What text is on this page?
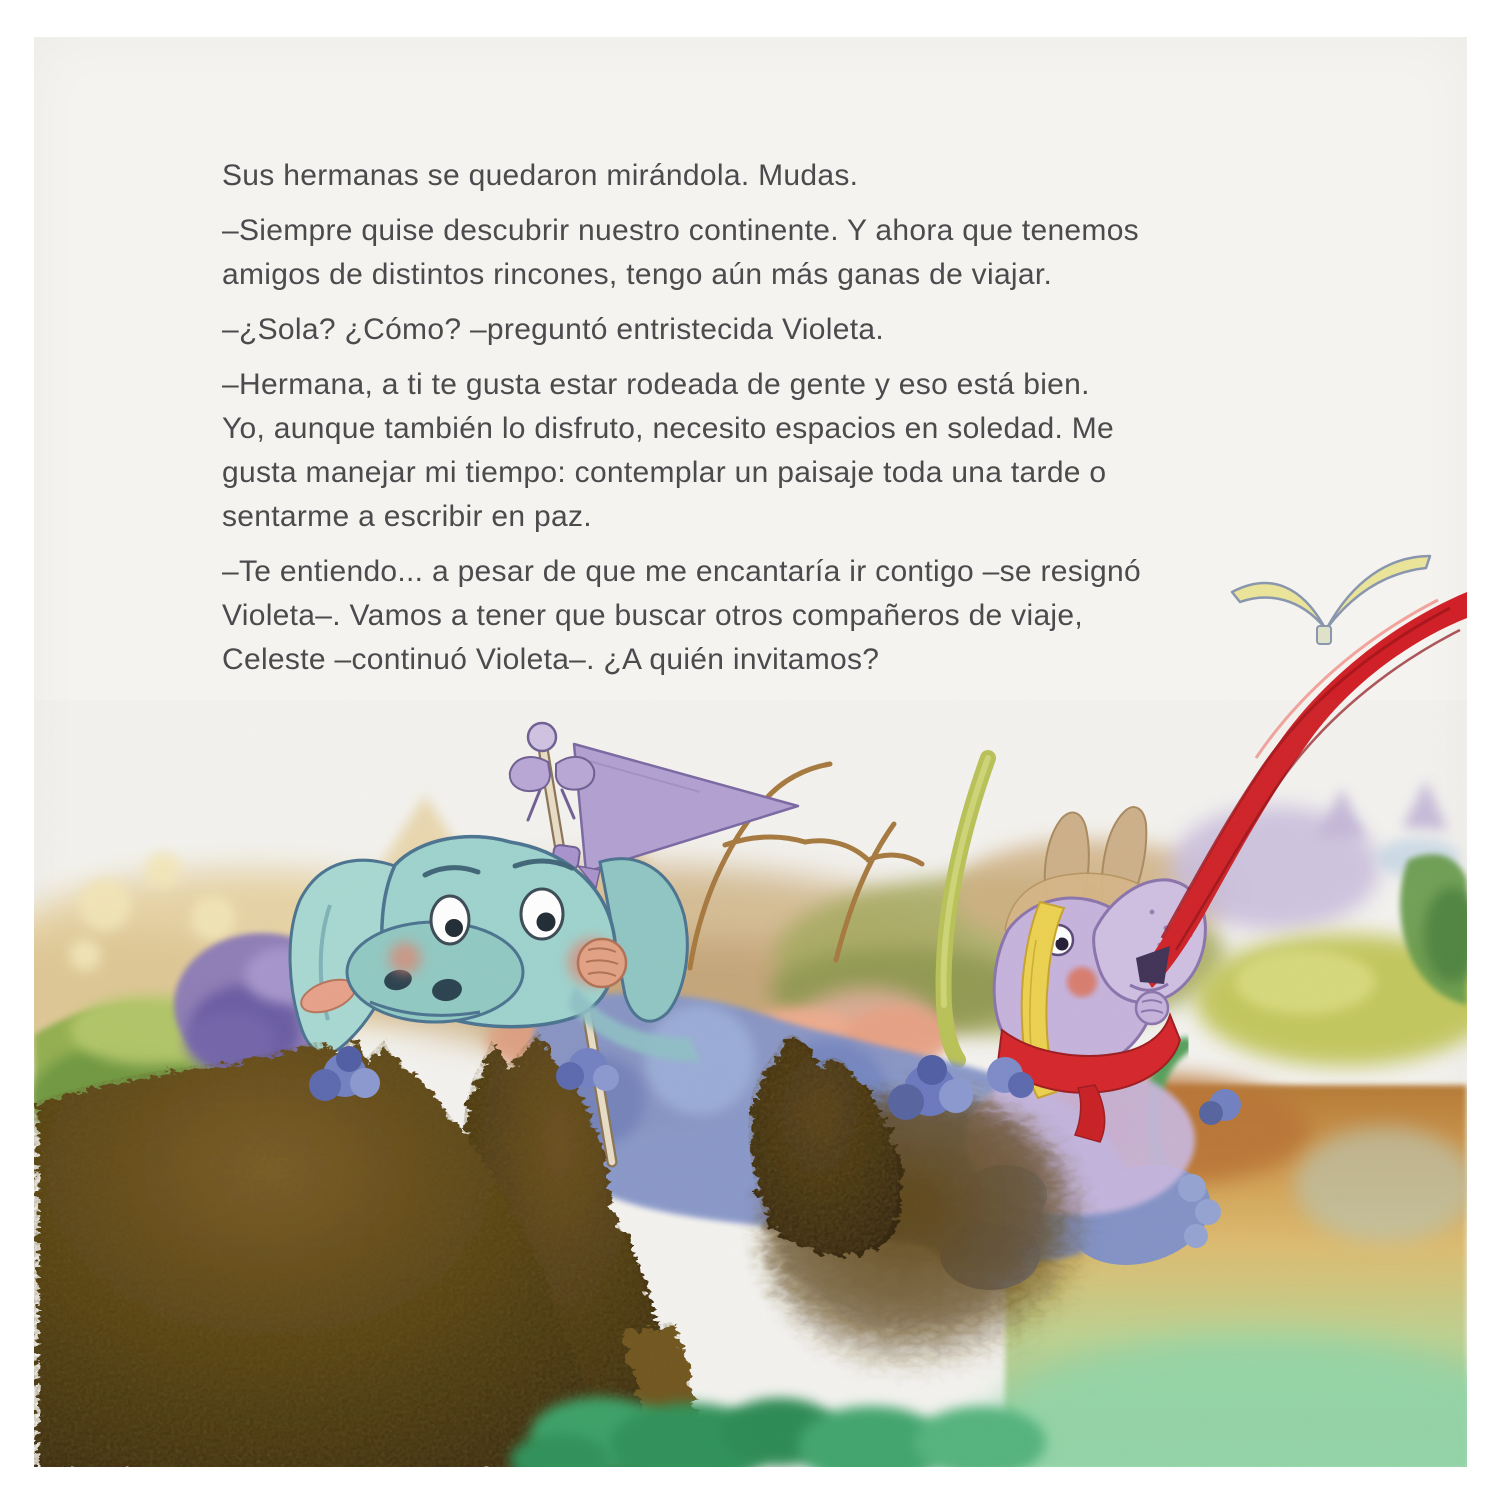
Sus hermanas se quedaron mirándola. Mudas.

–Siempre quise descubrir nuestro continente. Y ahora que tenemos
amigos de distintos rincones, tengo aún más ganas de viajar.

–¿Sola? ¿Cómo? –preguntó entristecida Violeta.

–Hermana, a ti te gusta estar rodeada de gente y eso está bien.
Yo, aunque también lo disfruto, necesito espacios en soledad. Me
gusta manejar mi tiempo: contemplar un paisaje toda una tarde o
sentarme a escribir en paz.

–Te entiendo... a pesar de que me encantaría ir contigo –se resignó
Violeta–. Vamos a tener que buscar otros compañeros de viaje,
Celeste –continuó Violeta–. ¿A quién invitamos?
